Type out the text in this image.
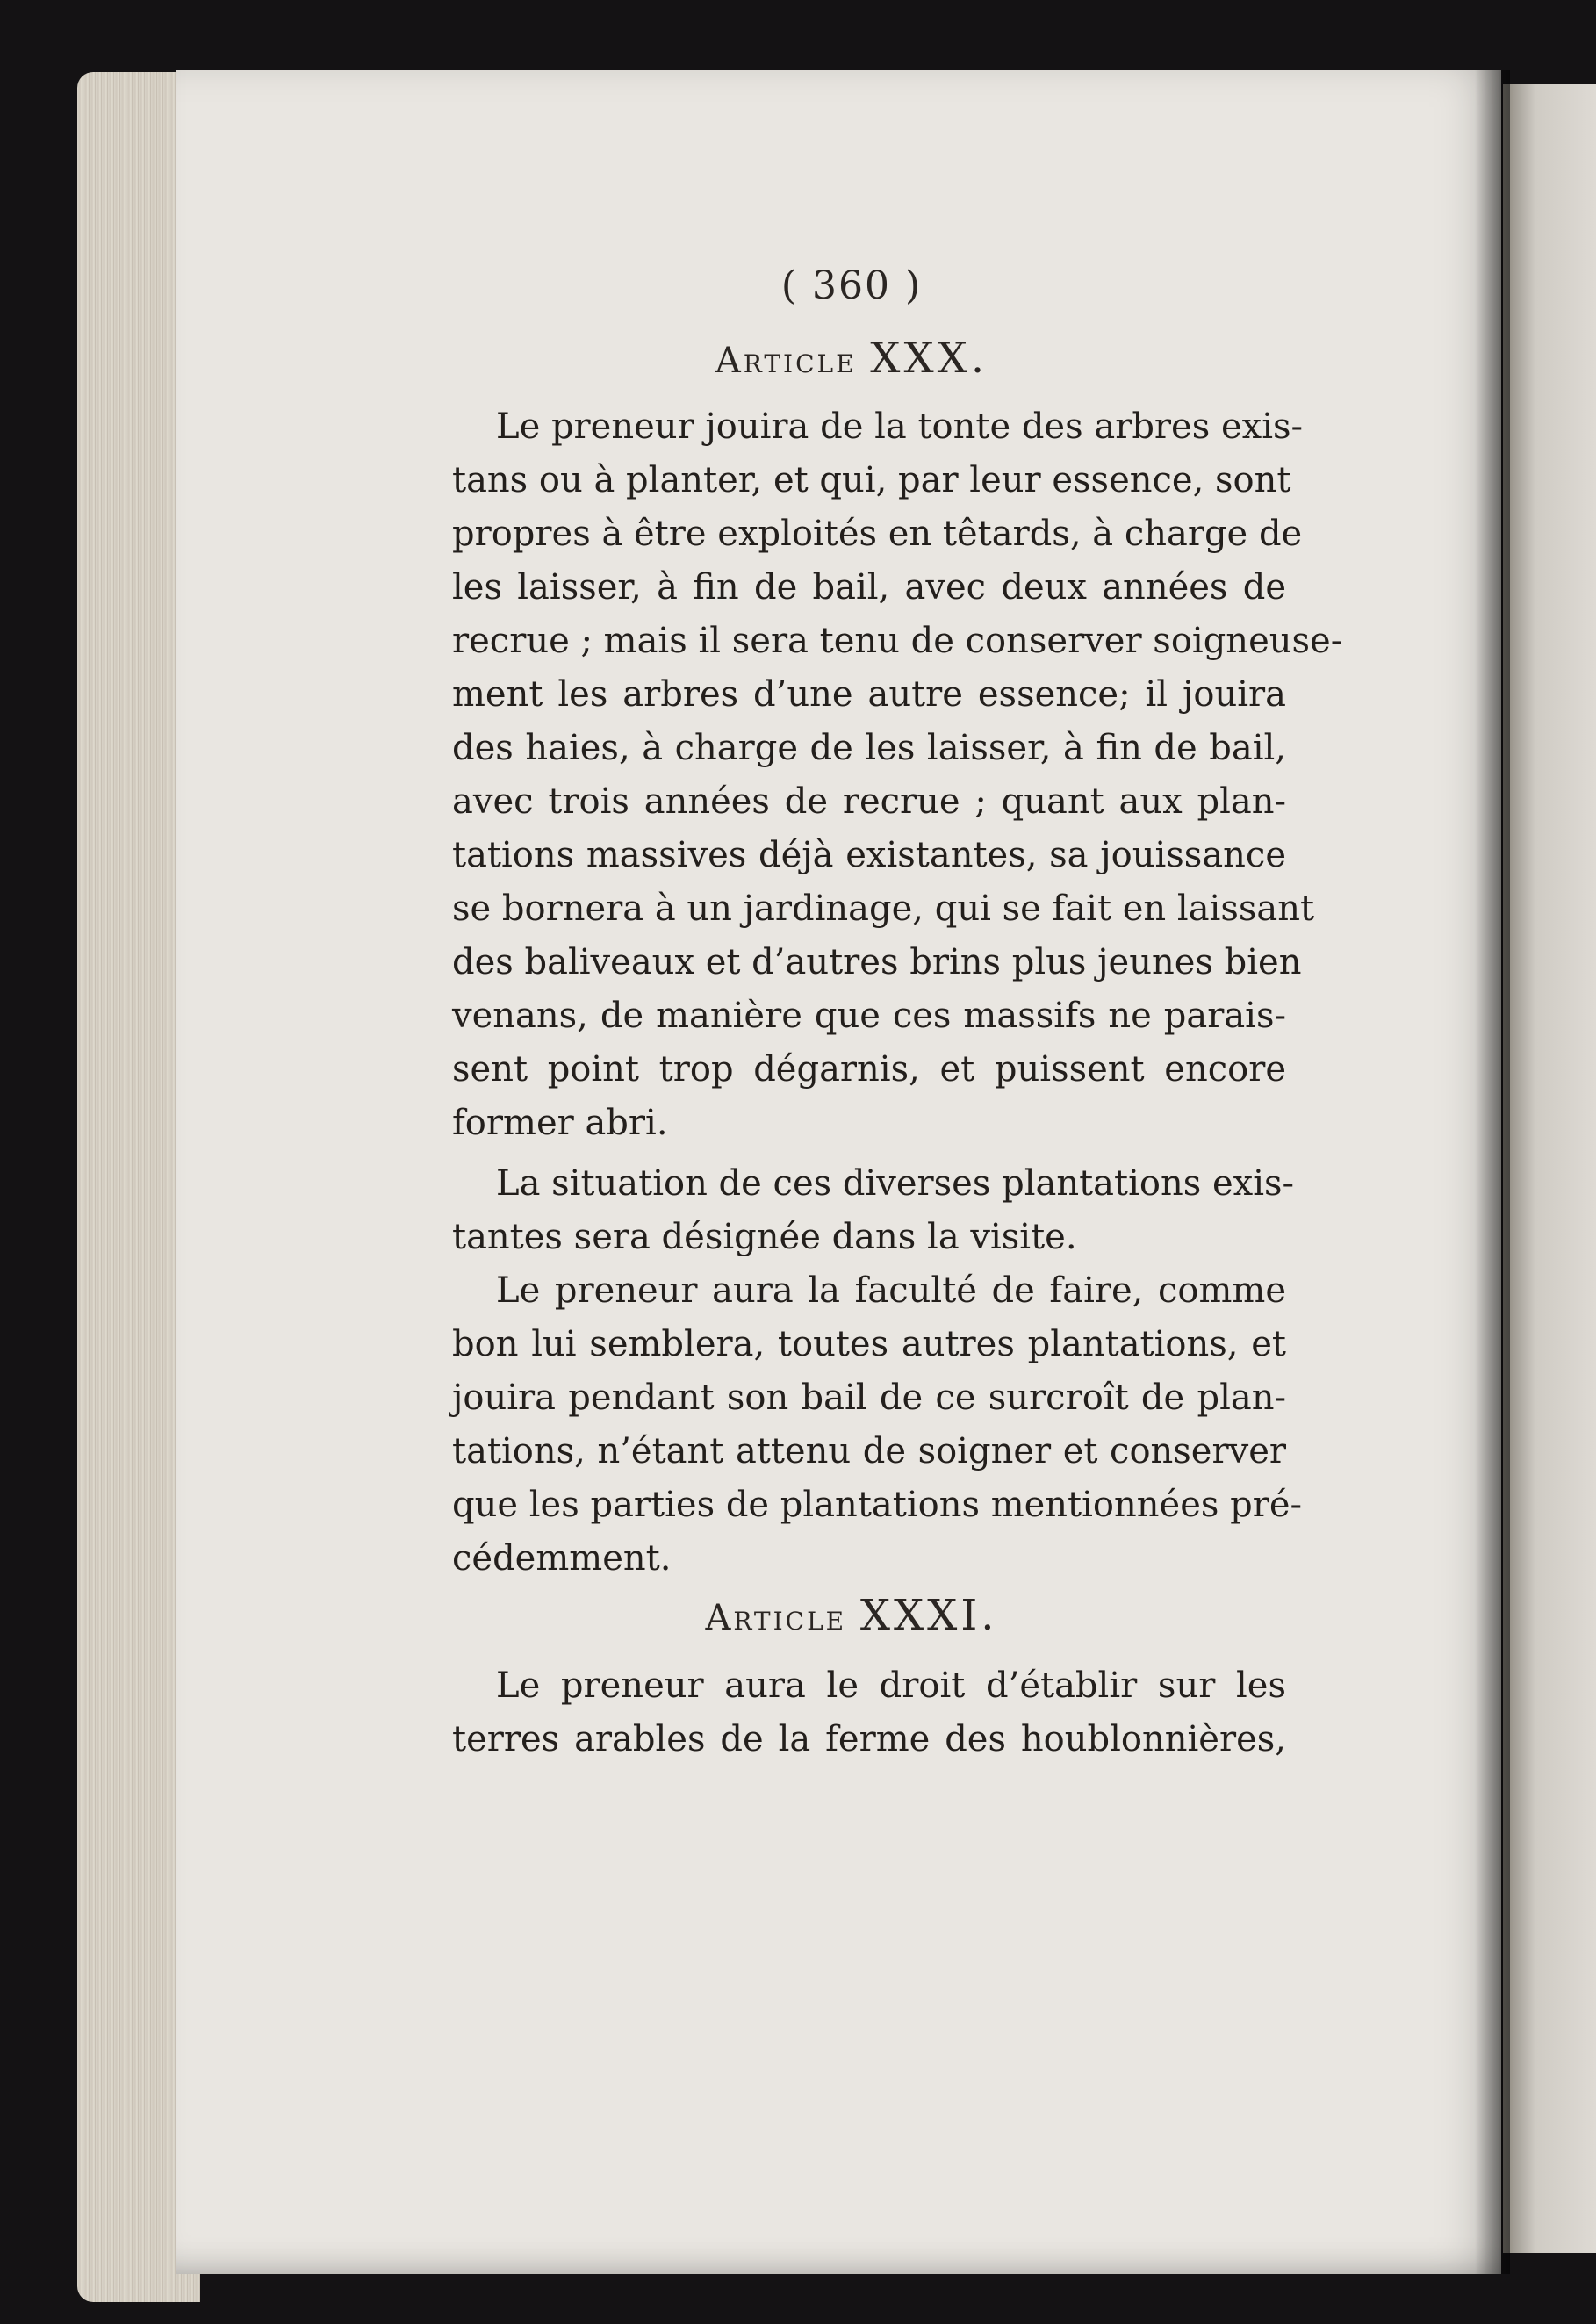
( 360 )
Article XXX.
Le preneur jouira de la tonte des arbres exis-
tans ou à planter, et qui, par leur essence, sont
propres à être exploités en têtards, à charge de
les laisser, à fin de bail, avec deux années de
recrue ; mais il sera tenu de conserver soigneuse-
ment les arbres d’une autre essence; il jouira
des haies, à charge de les laisser, à fin de bail,
avec trois années de recrue ; quant aux plan-
tations massives déjà existantes, sa jouissance
se bornera à un jardinage, qui se fait en laissant
des baliveaux et d’autres brins plus jeunes bien
venans, de manière que ces massifs ne parais-
sent point trop dégarnis, et puissent encore
former abri.
La situation de ces diverses plantations exis-
tantes sera désignée dans la visite.
Le preneur aura la faculté de faire, comme
bon lui semblera, toutes autres plantations, et
jouira pendant son bail de ce surcroît de plan-
tations, n’étant attenu de soigner et conserver
que les parties de plantations mentionnées pré-
cédemment.
Article XXXI.
Le preneur aura le droit d’établir sur les
terres arables de la ferme des houblonnières,
